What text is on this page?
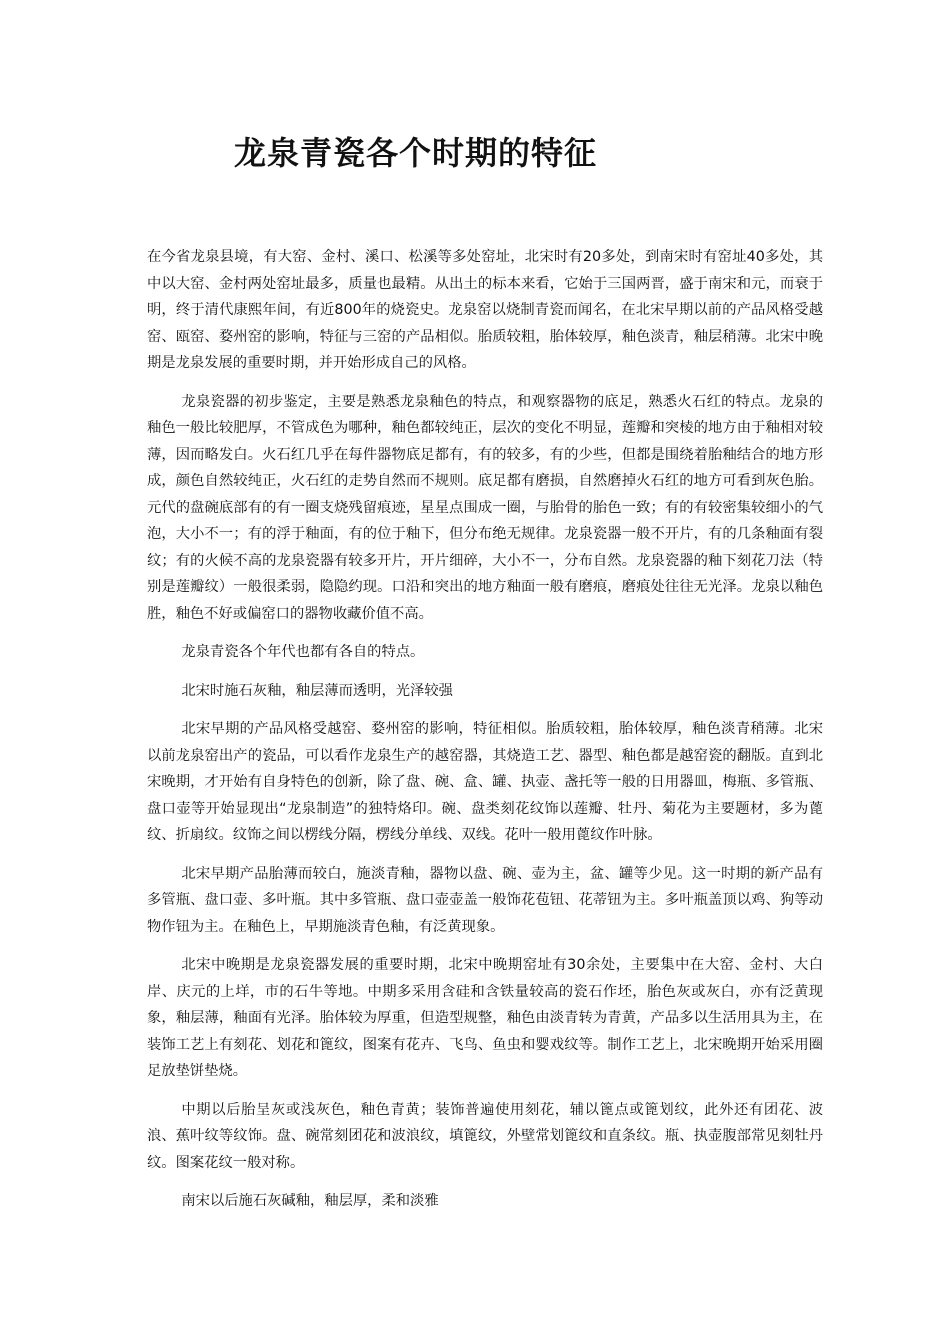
龙泉青瓷各个时期的特征

在今省龙泉县境，有大窑、金村、溪口、松溪等多处窑址，北宋时有20多处，到南宋时有窑址40多处，其中以大窑、金村两处窑址最多，质量也最精。从出土的标本来看，它始于三国两晋，盛于南宋和元，而衰于明，终于清代康熙年间，有近800年的烧瓷史。龙泉窑以烧制青瓷而闻名，在北宋早期以前的产品风格受越窑、瓯窑、婺州窑的影响，特征与三窑的产品相似。胎质较粗，胎体较厚，釉色淡青，釉层稍薄。北宋中晚期是龙泉发展的重要时期，并开始形成自己的风格。

龙泉瓷器的初步鉴定，主要是熟悉龙泉釉色的特点，和观察器物的底足，熟悉火石红的特点。龙泉的釉色一般比较肥厚，不管成色为哪种，釉色都较纯正，层次的变化不明显，莲瓣和突棱的地方由于釉相对较薄，因而略发白。火石红几乎在每件器物底足都有，有的较多，有的少些，但都是围绕着胎釉结合的地方形成，颜色自然较纯正，火石红的走势自然而不规则。底足都有磨损，自然磨掉火石红的地方可看到灰色胎。元代的盘碗底部有的有一圈支烧残留痕迹，星星点围成一圈，与胎骨的胎色一致；有的有较密集较细小的气泡，大小不一；有的浮于釉面，有的位于釉下，但分布绝无规律。龙泉瓷器一般不开片，有的几条釉面有裂纹；有的火候不高的龙泉瓷器有较多开片，开片细碎，大小不一，分布自然。龙泉瓷器的釉下刻花刀法（特别是莲瓣纹）一般很柔弱，隐隐约现。口沿和突出的地方釉面一般有磨痕，磨痕处往往无光泽。龙泉以釉色胜，釉色不好或偏窑口的器物收藏价值不高。

龙泉青瓷各个年代也都有各自的特点。

北宋时施石灰釉，釉层薄而透明，光泽较强

北宋早期的产品风格受越窑、婺州窑的影响，特征相似。胎质较粗，胎体较厚，釉色淡青稍薄。北宋以前龙泉窑出产的瓷品，可以看作龙泉生产的越窑器，其烧造工艺、器型、釉色都是越窑瓷的翻版。直到北宋晚期，才开始有自身特色的创新，除了盘、碗、盒、罐、执壶、盏托等一般的日用器皿，梅瓶、多管瓶、盘口壶等开始显现出“龙泉制造”的独特烙印。碗、盘类刻花纹饰以莲瓣、牡丹、菊花为主要题材，多为蓖纹、折扇纹。纹饰之间以楞线分隔，楞线分单线、双线。花叶一般用蓖纹作叶脉。

北宋早期产品胎薄而较白，施淡青釉，器物以盘、碗、壶为主，盆、罐等少见。这一时期的新产品有多管瓶、盘口壶、多叶瓶。其中多管瓶、盘口壶壶盖一般饰花苞钮、花蒂钮为主。多叶瓶盖顶以鸡、狗等动物作钮为主。在釉色上，早期施淡青色釉，有泛黄现象。

北宋中晚期是龙泉瓷器发展的重要时期，北宋中晚期窑址有30余处，主要集中在大窑、金村、大白岸、庆元的上垟，市的石牛等地。中期多采用含硅和含铁量较高的瓷石作坯，胎色灰或灰白，亦有泛黄现象，釉层薄，釉面有光泽。胎体较为厚重，但造型规整，釉色由淡青转为青黄，产品多以生活用具为主，在装饰工艺上有刻花、划花和篦纹，图案有花卉、飞鸟、鱼虫和婴戏纹等。制作工艺上，北宋晚期开始采用圈足放垫饼垫烧。

中期以后胎呈灰或浅灰色，釉色青黄；装饰普遍使用刻花，辅以篦点或篦划纹，此外还有团花、波浪、蕉叶纹等纹饰。盘、碗常刻团花和波浪纹，填篦纹，外壁常划篦纹和直条纹。瓶、执壶腹部常见刻牡丹纹。图案花纹一般对称。

南宋以后施石灰碱釉，釉层厚，柔和淡雅
